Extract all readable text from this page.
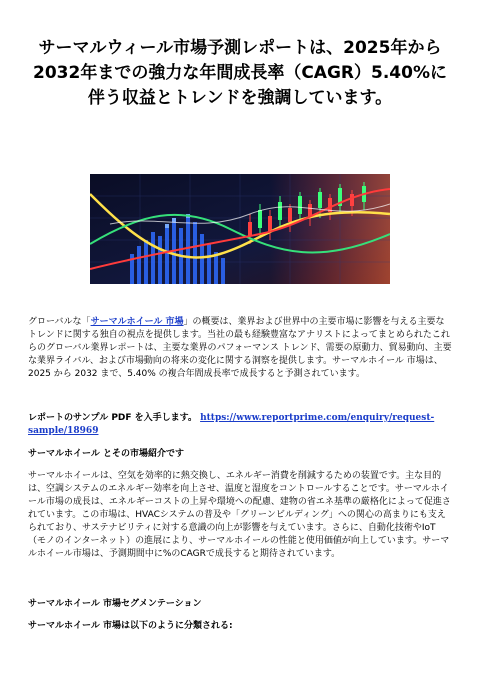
サーマルウィール市場予測レポートは、2025年から2032年までの強力な年間成長率（CAGR）5.40%に伴う収益とトレンドを強調しています。

グローバルな「サーマルホイール 市場」の概要は、業界および世界中の主要市場に影響を与える主要なトレンドに関する独自の視点を提供します。当社の最も経験豊富なアナリストによってまとめられたこれらのグローバル業界レポートは、主要な業界のパフォーマンス トレンド、需要の原動力、貿易動向、主要な業界ライバル、および市場動向の将来の変化に関する洞察を提供します。サーマルホイール 市場は、2025 から 2032 まで、5.40% の複合年間成長率で成長すると予測されています。

レポートのサンプル PDF を入手します。 https://www.reportprime.com/enquiry/request-sample/18969

サーマルホイール とその市場紹介です

サーマルホイールは、空気を効率的に熱交換し、エネルギー消費を削減するための装置です。主な目的は、空調システムのエネルギー効率を向上させ、温度と湿度をコントロールすることです。サーマルホイール市場の成長は、エネルギーコストの上昇や環境への配慮、建物の省エネ基準の厳格化によって促進されています。この市場は、HVACシステムの普及や「グリーンビルディング」への関心の高まりにも支えられており、サステナビリティに対する意識の向上が影響を与えています。さらに、自動化技術やIoT（モノのインターネット）の進展により、サーマルホイールの性能と使用価値が向上しています。サーマルホイール市場は、予測期間中に%のCAGRで成長すると期待されています。

サーマルホイール 市場セグメンテーション

サーマルホイール 市場は以下のように分類される:
